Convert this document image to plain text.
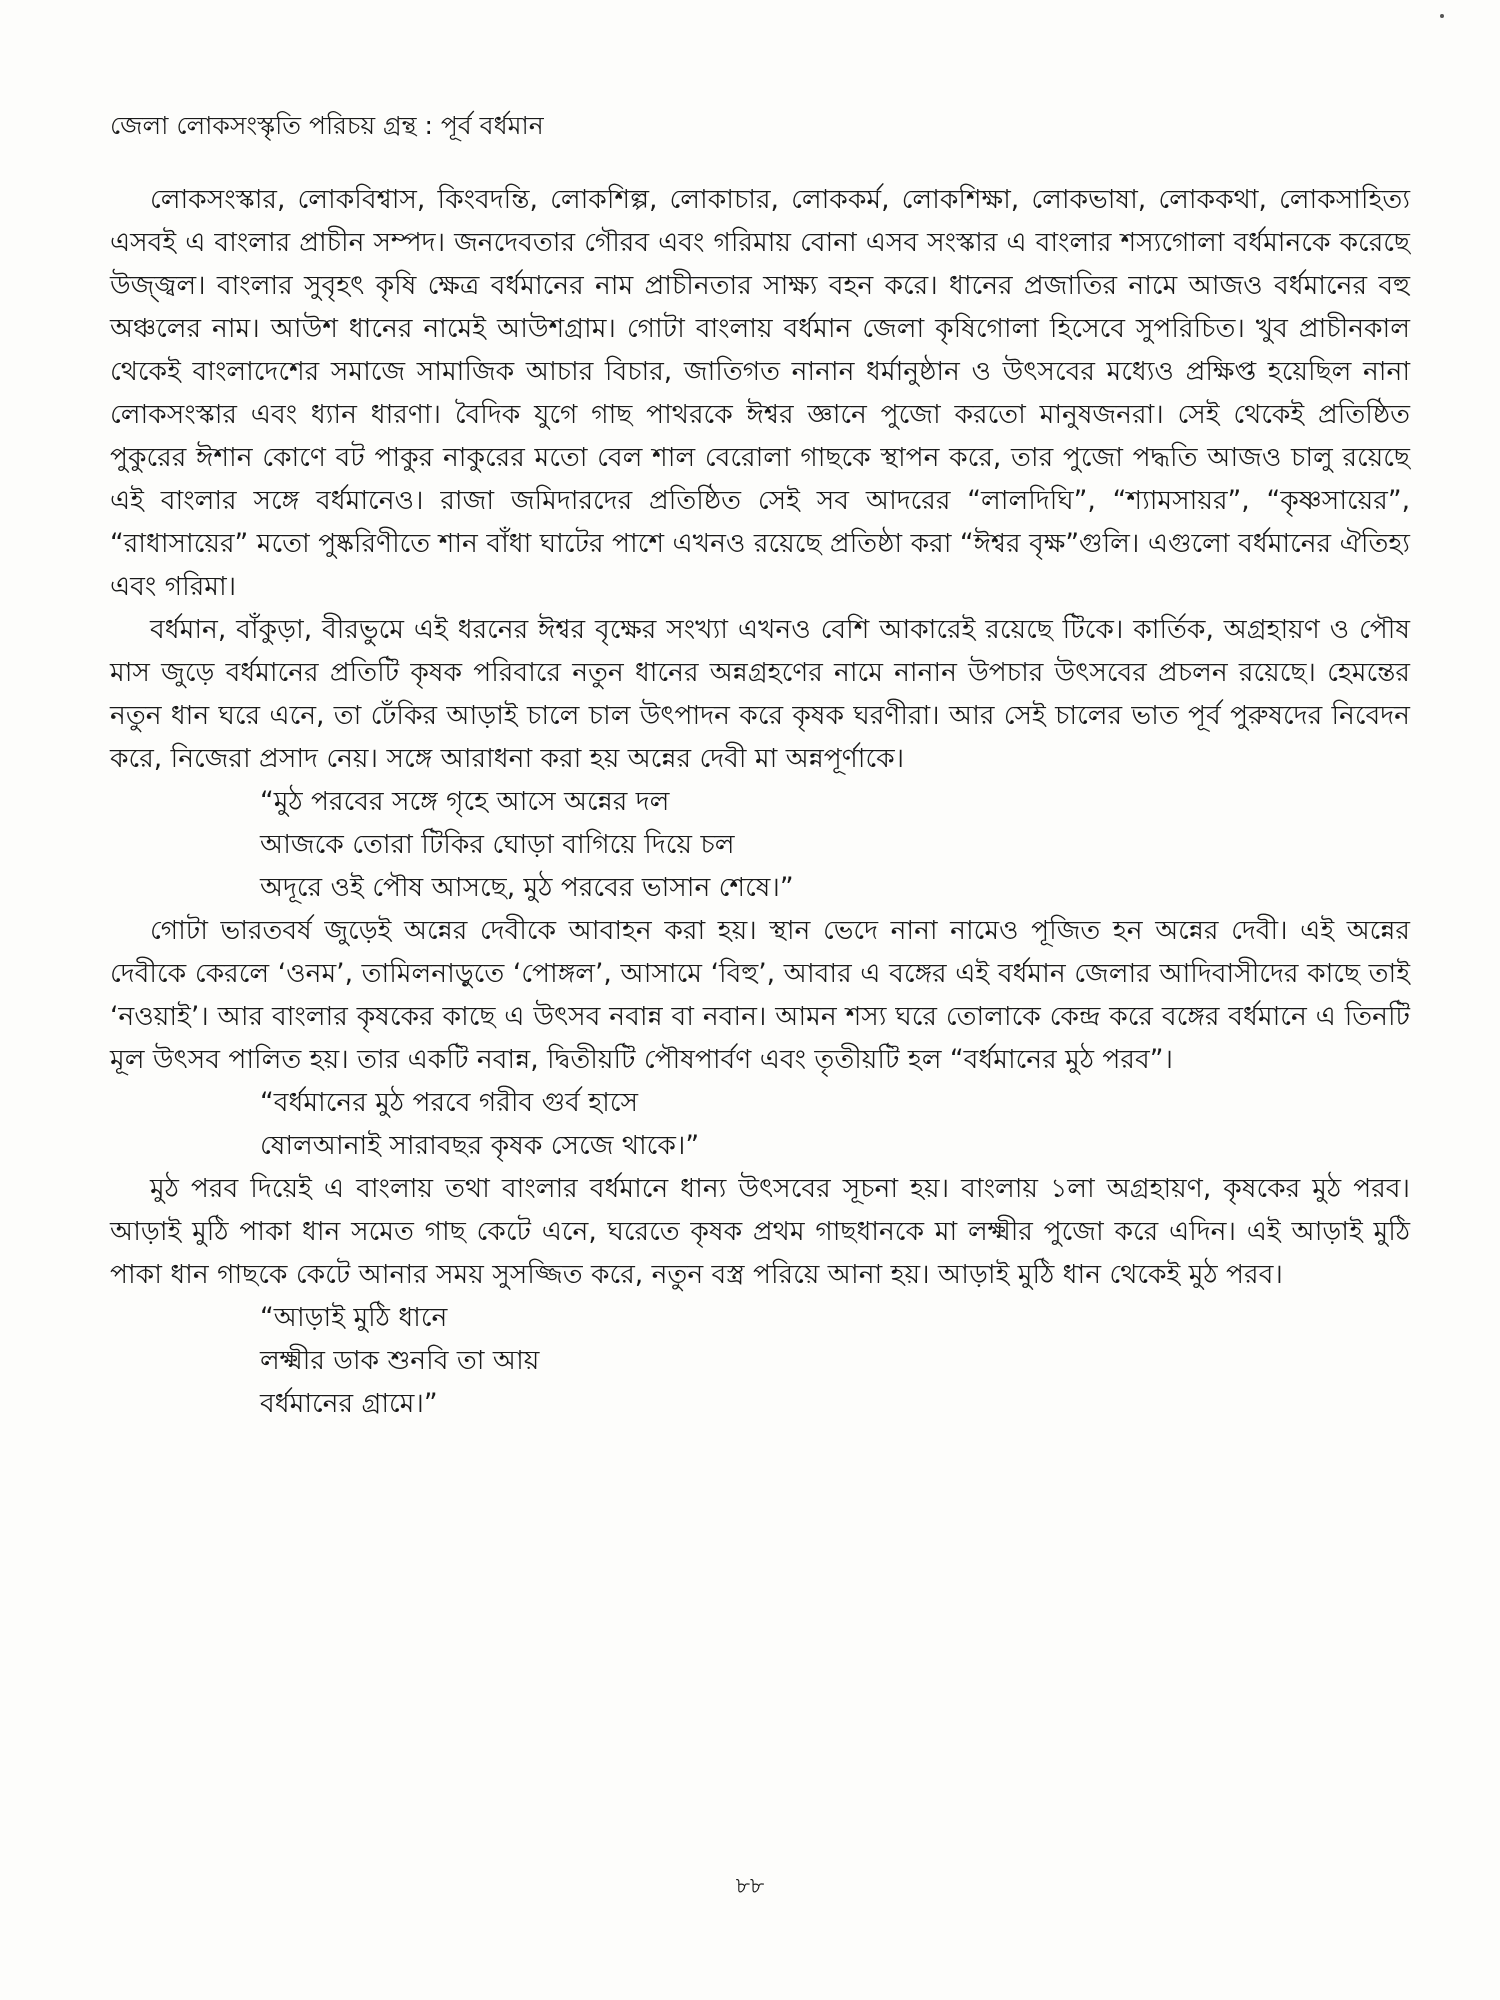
জেলা লোকসংস্কৃতি পরিচয় গ্রন্থ : পূর্ব বর্ধমান

লোকসংস্কার, লোকবিশ্বাস, কিংবদন্তি, লোকশিল্প, লোকাচার, লোককর্ম, লোকশিক্ষা, লোকভাষা, লোককথা, লোকসাহিত্য এসবই এ বাংলার প্রাচীন সম্পদ। জনদেবতার গৌরব এবং গরিমায় বোনা এসব সংস্কার এ বাংলার শস্যগোলা বর্ধমানকে করেছে উজ্জ্বল। বাংলার সুবৃহৎ কৃষি ক্ষেত্র বর্ধমানের নাম প্রাচীনতার সাক্ষ্য বহন করে। ধানের প্রজাতির নামে আজও বর্ধমানের বহু অঞ্চলের নাম। আউশ ধানের নামেই আউশগ্রাম। গোটা বাংলায় বর্ধমান জেলা কৃষিগোলা হিসেবে সুপরিচিত। খুব প্রাচীনকাল থেকেই বাংলাদেশের সমাজে সামাজিক আচার বিচার, জাতিগত নানান ধর্মানুষ্ঠান ও উৎসবের মধ্যেও প্রক্ষিপ্ত হয়েছিল নানা লোকসংস্কার এবং ধ্যান ধারণা। বৈদিক যুগে গাছ পাথরকে ঈশ্বর জ্ঞানে পুজো করতো মানুষজনরা। সেই থেকেই প্রতিষ্ঠিত পুকুরের ঈশান কোণে বট পাকুর নাকুরের মতো বেল শাল বেরোলা গাছকে স্থাপন করে, তার পুজো পদ্ধতি আজও চালু রয়েছে এই বাংলার সঙ্গে বর্ধমানেও। রাজা জমিদারদের প্রতিষ্ঠিত সেই সব আদরের “লালদিঘি”, “শ্যামসায়র”, “কৃষ্ণসায়ের”, “রাধাসায়ের” মতো পুষ্করিণীতে শান বাঁধা ঘাটের পাশে এখনও রয়েছে প্রতিষ্ঠা করা “ঈশ্বর বৃক্ষ”গুলি। এগুলো বর্ধমানের ঐতিহ্য এবং গরিমা।

বর্ধমান, বাঁকুড়া, বীরভুমে এই ধরনের ঈশ্বর বৃক্ষের সংখ্যা এখনও বেশি আকারেই রয়েছে টিকে। কার্তিক, অগ্রহায়ণ ও পৌষ মাস জুড়ে বর্ধমানের প্রতিটি কৃষক পরিবারে নতুন ধানের অন্নগ্রহণের নামে নানান উপচার উৎসবের প্রচলন রয়েছে। হেমন্তের নতুন ধান ঘরে এনে, তা ঢেঁকির আড়াই চালে চাল উৎপাদন করে কৃষক ঘরণীরা। আর সেই চালের ভাত পূর্ব পুরুষদের নিবেদন করে, নিজেরা প্রসাদ নেয়। সঙ্গে আরাধনা করা হয় অন্নের দেবী মা অন্নপূর্ণাকে।

“মুঠ পরবের সঙ্গে গৃহে আসে অন্নের দল
আজকে তোরা টিকির ঘোড়া বাগিয়ে দিয়ে চল
অদূরে ওই পৌষ আসছে, মুঠ পরবের ভাসান শেষে।”

গোটা ভারতবর্ষ জুড়েই অন্নের দেবীকে আবাহন করা হয়। স্থান ভেদে নানা নামেও পূজিত হন অন্নের দেবী। এই অন্নের দেবীকে কেরলে ‘ওনম’, তামিলনাড়ুতে ‘পোঙ্গল’, আসামে ‘বিহু’, আবার এ বঙ্গের এই বর্ধমান জেলার আদিবাসীদের কাছে তাই ‘নওয়াই’। আর বাংলার কৃষকের কাছে এ উৎসব নবান্ন বা নবান। আমন শস্য ঘরে তোলাকে কেন্দ্র করে বঙ্গের বর্ধমানে এ তিনটি মূল উৎসব পালিত হয়। তার একটি নবান্ন, দ্বিতীয়টি পৌষপার্বণ এবং তৃতীয়টি হল “বর্ধমানের মুঠ পরব”।

“বর্ধমানের মুঠ পরবে গরীব গুর্ব হাসে
ষোলআনাই সারাবছর কৃষক সেজে থাকে।”

মুঠ পরব দিয়েই এ বাংলায় তথা বাংলার বর্ধমানে ধান্য উৎসবের সূচনা হয়। বাংলায় ১লা অগ্রহায়ণ, কৃষকের মুঠ পরব। আড়াই মুঠি পাকা ধান সমেত গাছ কেটে এনে, ঘরেতে কৃষক প্রথম গাছধানকে মা লক্ষ্মীর পুজো করে এদিন। এই আড়াই মুঠি পাকা ধান গাছকে কেটে আনার সময় সুসজ্জিত করে, নতুন বস্ত্র পরিয়ে আনা হয়। আড়াই মুঠি ধান থেকেই মুঠ পরব।

“আড়াই মুঠি ধানে
লক্ষ্মীর ডাক শুনবি তা আয়
বর্ধমানের গ্রামে।”
৮৮
